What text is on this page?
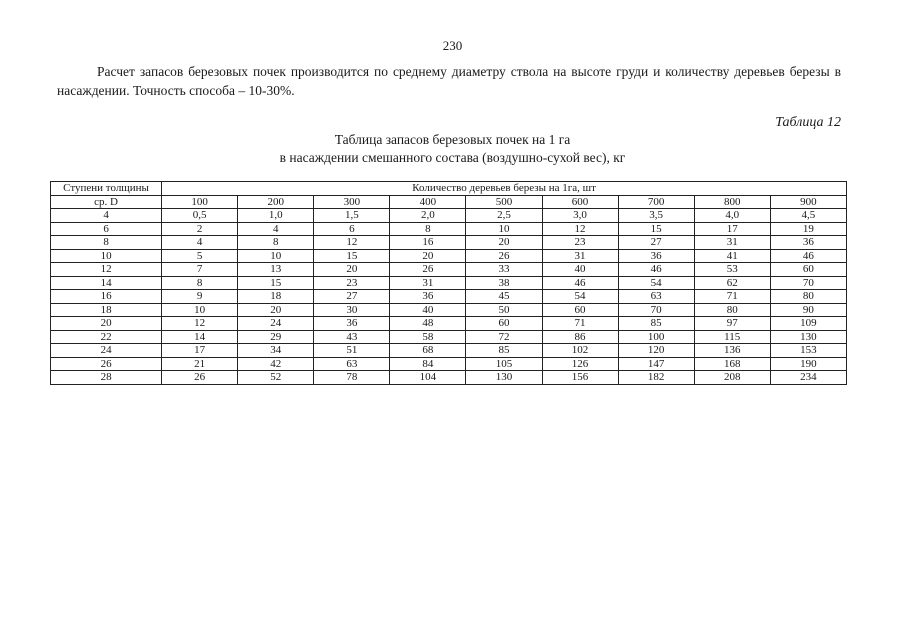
230

Расчет запасов березовых почек производится по среднему диаметру ствола на высоте груди и количеству деревьев березы в насаждении. Точность способа – 10-30%.

Таблица 12
Таблица запасов березовых почек на 1 га
в насаждении смешанного состава (воздушно-сухой вес), кг
Ступени толщины	Количество деревьев березы на 1га, шт								
ср. D	100	200	300	400	500	600	700	800	900
4	0,5	1,0	1,5	2,0	2,5	3,0	3,5	4,0	4,5
6	2	4	6	8	10	12	15	17	19
8	4	8	12	16	20	23	27	31	36
10	5	10	15	20	26	31	36	41	46
12	7	13	20	26	33	40	46	53	60
14	8	15	23	31	38	46	54	62	70
16	9	18	27	36	45	54	63	71	80
18	10	20	30	40	50	60	70	80	90
20	12	24	36	48	60	71	85	97	109
22	14	29	43	58	72	86	100	115	130
24	17	34	51	68	85	102	120	136	153
26	21	42	63	84	105	126	147	168	190
28	26	52	78	104	130	156	182	208	234
